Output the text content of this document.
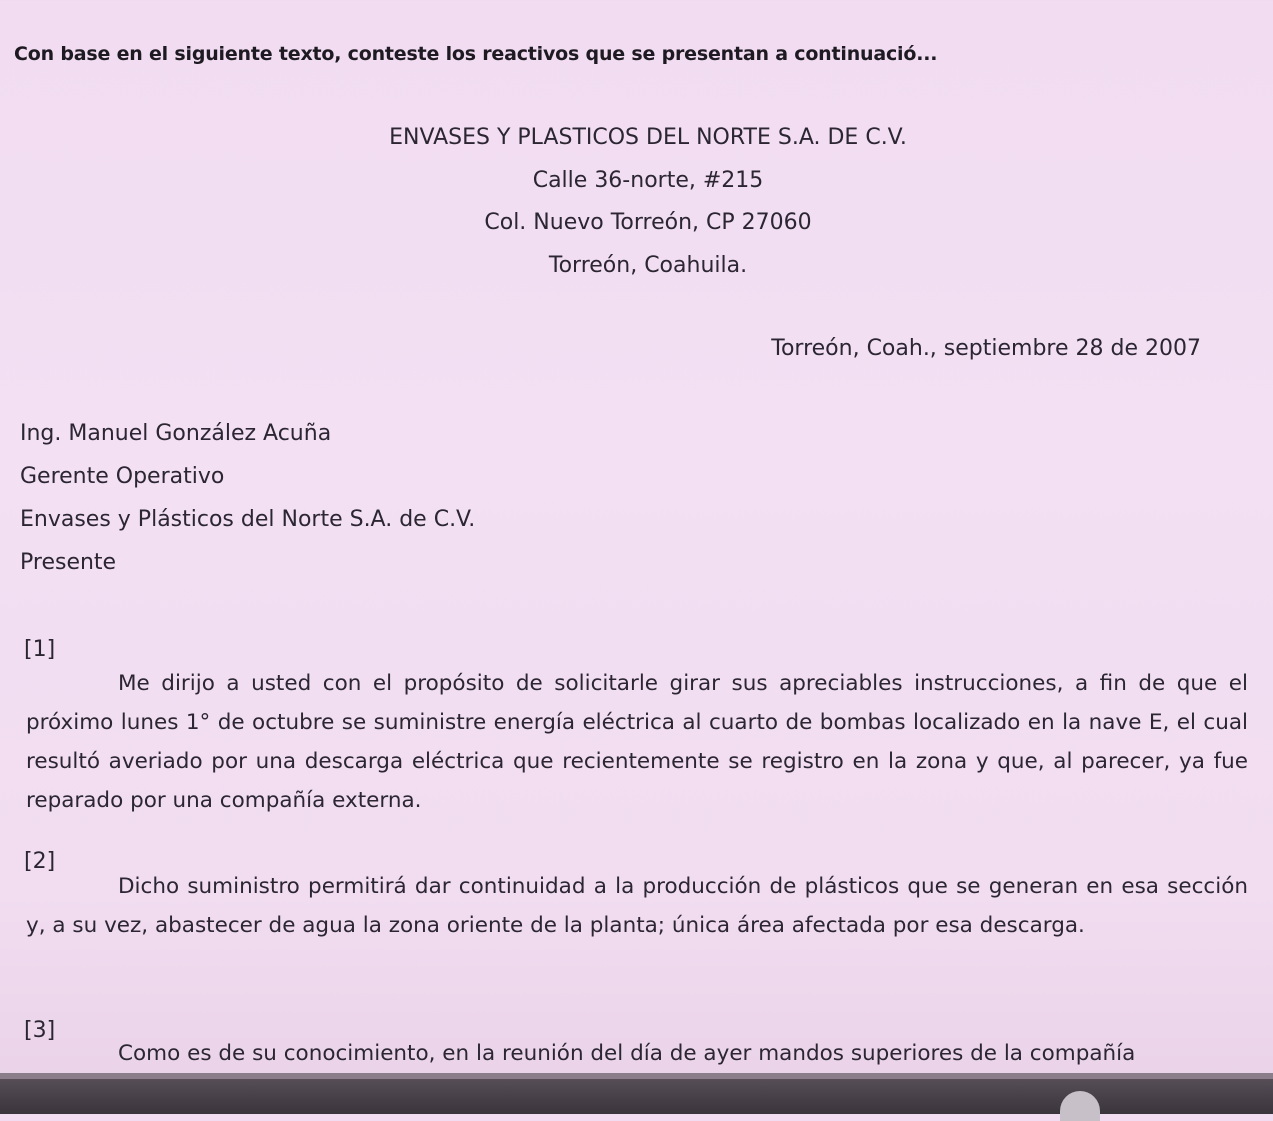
Con base en el siguiente texto, conteste los reactivos que se presentan a continuació...
ENVASES Y PLASTICOS DEL NORTE S.A. DE C.V.
Calle 36-norte, #215
Col. Nuevo Torreón, CP 27060
Torreón, Coahuila.
Torreón, Coah., septiembre 28 de 2007
Ing. Manuel González Acuña
Gerente Operativo
Envases y Plásticos del Norte S.A. de C.V.
Presente
[1]
Me dirijo a usted con el propósito de solicitarle girar sus apreciables instrucciones, a fin de que el próximo lunes 1° de octubre se suministre energía eléctrica al cuarto de bombas localizado en la nave E, el cual resultó averiado por una descarga eléctrica que recientemente se registro en la zona y que, al parecer, ya fue reparado por una compañía externa.
[2]
Dicho suministro permitirá dar continuidad a la producción de plásticos que se generan en esa sección y, a su vez, abastecer de agua la zona oriente de la planta; única área afectada por esa descarga.
[3]
Como es de su conocimiento, en la reunión del día de ayer mandos superiores de la compañía
